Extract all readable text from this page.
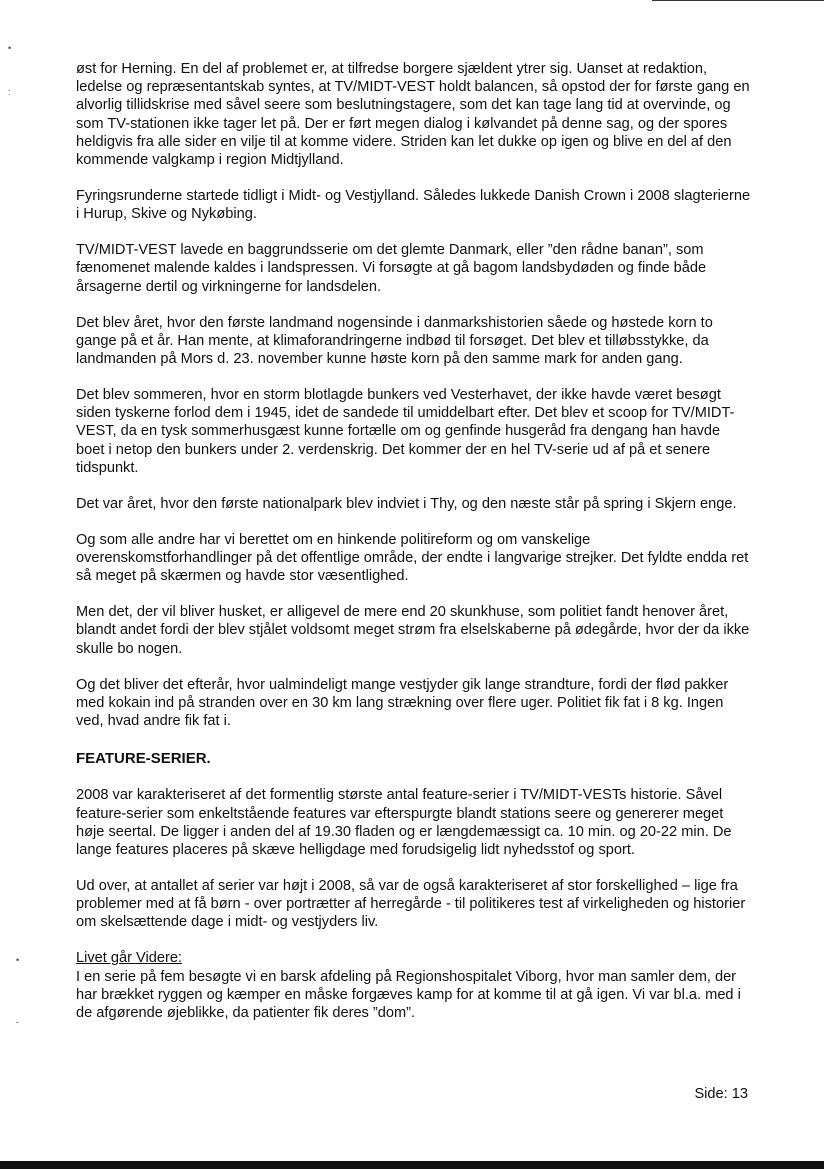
•
:
•
-

øst for Herning. En del af problemet er, at tilfredse borgere sjældent ytrer sig. Uanset at redaktion, ledelse og repræsentantskab syntes, at TV/MIDT-VEST holdt balancen, så opstod der for første gang en alvorlig tillidskrise med såvel seere som beslutningstagere, som det kan tage lang tid at overvinde, og som TV-stationen ikke tager let på. Der er ført megen dialog i kølvandet på denne sag, og der spores heldigvis fra alle sider en vilje til at komme videre. Striden kan let dukke op igen og blive en del af den kommende valgkamp i region Midtjylland.

Fyringsrunderne startede tidligt i Midt- og Vestjylland. Således lukkede Danish Crown i 2008 slagterierne i Hurup, Skive og Nykøbing.

TV/MIDT-VEST lavede en baggrundsserie om det glemte Danmark, eller ”den rådne banan”, som fænomenet malende kaldes i landspressen. Vi forsøgte at gå bagom landsbydøden og finde både årsagerne dertil og virkningerne for landsdelen.

Det blev året, hvor den første landmand nogensinde i danmarkshistorien såede og høstede korn to gange på et år. Han mente, at klimaforandringerne indbød til forsøget. Det blev et tilløbsstykke, da landmanden på Mors d. 23. november kunne høste korn på den samme mark for anden gang.

Det blev sommeren, hvor en storm blotlagde bunkers ved Vesterhavet, der ikke havde været besøgt siden tyskerne forlod dem i 1945, idet de sandede til umiddelbart efter. Det blev et scoop for TV/MIDT-VEST, da en tysk sommerhusgæst kunne fortælle om og genfinde husgeråd fra dengang han havde boet i netop den bunkers under 2. verdenskrig. Det kommer der en hel TV-serie ud af på et senere tidspunkt.

Det var året, hvor den første nationalpark blev indviet i Thy, og den næste står på spring i Skjern enge.

Og som alle andre har vi berettet om en hinkende politireform og om vanskelige overenskomstforhandlinger på det offentlige område, der endte i langvarige strejker. Det fyldte endda ret så meget på skærmen og havde stor væsentlighed.

Men det, der vil bliver husket, er alligevel de mere end 20 skunkhuse, som politiet fandt henover året, blandt andet fordi der blev stjålet voldsomt meget strøm fra elselskaberne på ødegårde, hvor der da ikke skulle bo nogen.

Og det bliver det efterår, hvor ualmindeligt mange vestjyder gik lange strandture, fordi der flød pakker med kokain ind på stranden over en 30 km lang strækning over flere uger. Politiet fik fat i 8 kg. Ingen ved, hvad andre fik fat i.

FEATURE-SERIER.

2008 var karakteriseret af det formentlig største antal feature-serier i TV/MIDT-VESTs historie. Såvel feature-serier som enkeltstående features var efterspurgte blandt stations seere og genererer meget høje seertal. De ligger i anden del af 19.30 fladen og er længdemæssigt ca. 10 min. og 20-22 min. De lange features placeres på skæve helligdage med forudsigelig lidt nyhedsstof og sport.

Ud over, at antallet af serier var højt i 2008, så var de også karakteriseret af stor forskellighed – lige fra problemer med at få børn - over portrætter af herregårde - til politikeres test af virkeligheden og historier om skelsættende dage i midt- og vestjyders liv.

Livet går Videre:

I en serie på fem besøgte vi en barsk afdeling på Regionshospitalet Viborg, hvor man samler dem, der har brækket ryggen og kæmper en måske forgæves kamp for at komme til at gå igen. Vi var bl.a. med i de afgørende øjeblikke, da patienter fik deres ”dom”.

Side: 13
